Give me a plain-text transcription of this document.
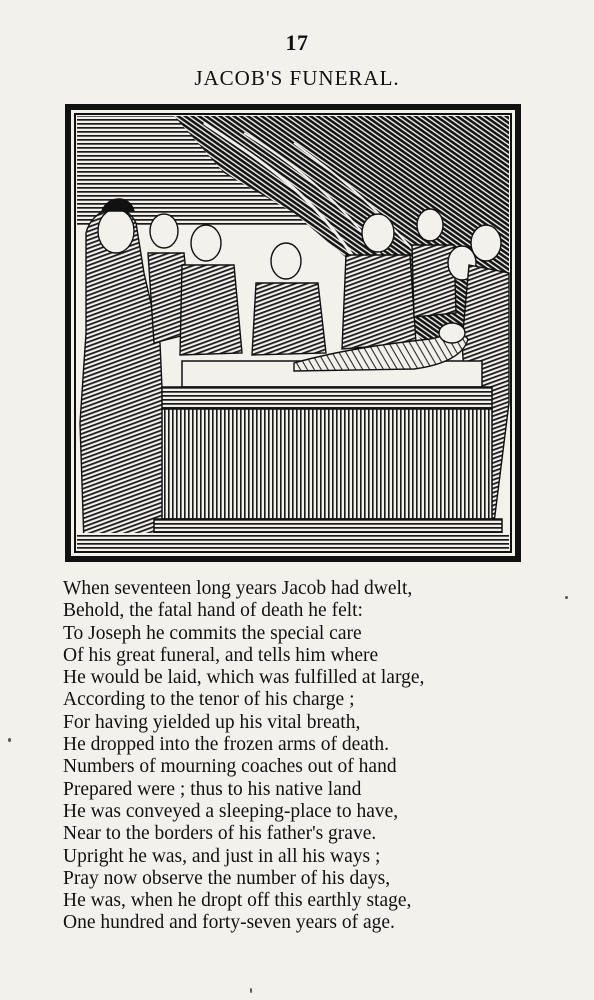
17
JACOB'S FUNERAL.
When seventeen long years Jacob had dwelt,
Behold, the fatal hand of death he felt:
To Joseph he commits the special care
Of his great funeral, and tells him where
He would be laid, which was fulfilled at large,
According to the tenor of his charge ;
For having yielded up his vital breath,
He dropped into the frozen arms of death.
Numbers of mourning coaches out of hand
Prepared were ; thus to his native land
He was conveyed a sleeping-place to have,
Near to the borders of his father's grave.
Upright he was, and just in all his ways ;
Pray now observe the number of his days,
He was, when he dropt off this earthly stage,
One hundred and forty-seven years of age.
